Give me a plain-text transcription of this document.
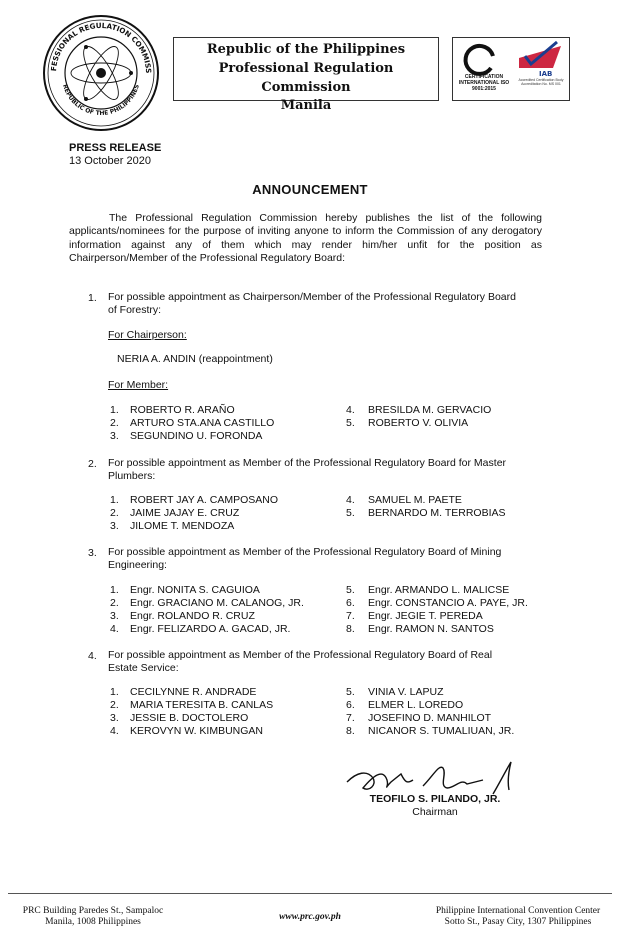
FESSIONAL REGULATION COMMISS
REPUBLIC OF THE PHILIPPINES
Republic of the Philippines
Professional Regulation Commission
Manila
IAB
CERTIFICATION INTERNATIONAL ISO 9001:2015
Accredited Certification Body Accreditation No. MS 001
PRESS RELEASE
13 October 2020
ANNOUNCEMENT
The Professional Regulation Commission hereby publishes the list of the following applicants/nominees for the purpose of inviting anyone to inform the Commission of any derogatory information against any of them which may render him/her unfit for the position as Chairperson/Member of the Professional Regulatory Board:
1. For possible appointment as Chairperson/Member of the Professional Regulatory Board
of Forestry:
For Chairperson:
NERIA A. ANDIN (reappointment)
For Member:
1. ROBERTO R. ARAÑO
2. ARTURO STA.ANA CASTILLO
3. SEGUNDINO U. FORONDA
4. BRESILDA M. GERVACIO
5. ROBERTO V. OLIVIA
2. For possible appointment as Member of the Professional Regulatory Board for Master
Plumbers:
1. ROBERT JAY A. CAMPOSANO
2. JAIME JAJAY E. CRUZ
3. JILOME T. MENDOZA
4. SAMUEL M. PAETE
5. BERNARDO M. TERROBIAS
3. For possible appointment as Member of the Professional Regulatory Board of Mining
Engineering:
1. Engr. NONITA S. CAGUIOA
2. Engr. GRACIANO M. CALANOG, JR.
3. Engr. ROLANDO R. CRUZ
4. Engr. FELIZARDO A. GACAD, JR.
5. Engr. ARMANDO L. MALICSE
6. Engr. CONSTANCIO A. PAYE, JR.
7. Engr. JEGIE T. PEREDA
8. Engr. RAMON N. SANTOS
4. For possible appointment as Member of the Professional Regulatory Board of Real
Estate Service:
1. CECILYNNE R. ANDRADE
2. MARIA TERESITA B. CANLAS
3. JESSIE B. DOCTOLERO
4. KEROVYN W. KIMBUNGAN
5. VINIA V. LAPUZ
6. ELMER L. LOREDO
7. JOSEFINO D. MANHILOT
8. NICANOR S. TUMALIUAN, JR.
TEOFILO S. PILANDO, JR.
Chairman
PRC Building Paredes St., Sampaloc
Manila, 1008 Philippines	www.prc.gov.ph
Philippine International Convention Center
Sotto St., Pasay City, 1307 Philippines
